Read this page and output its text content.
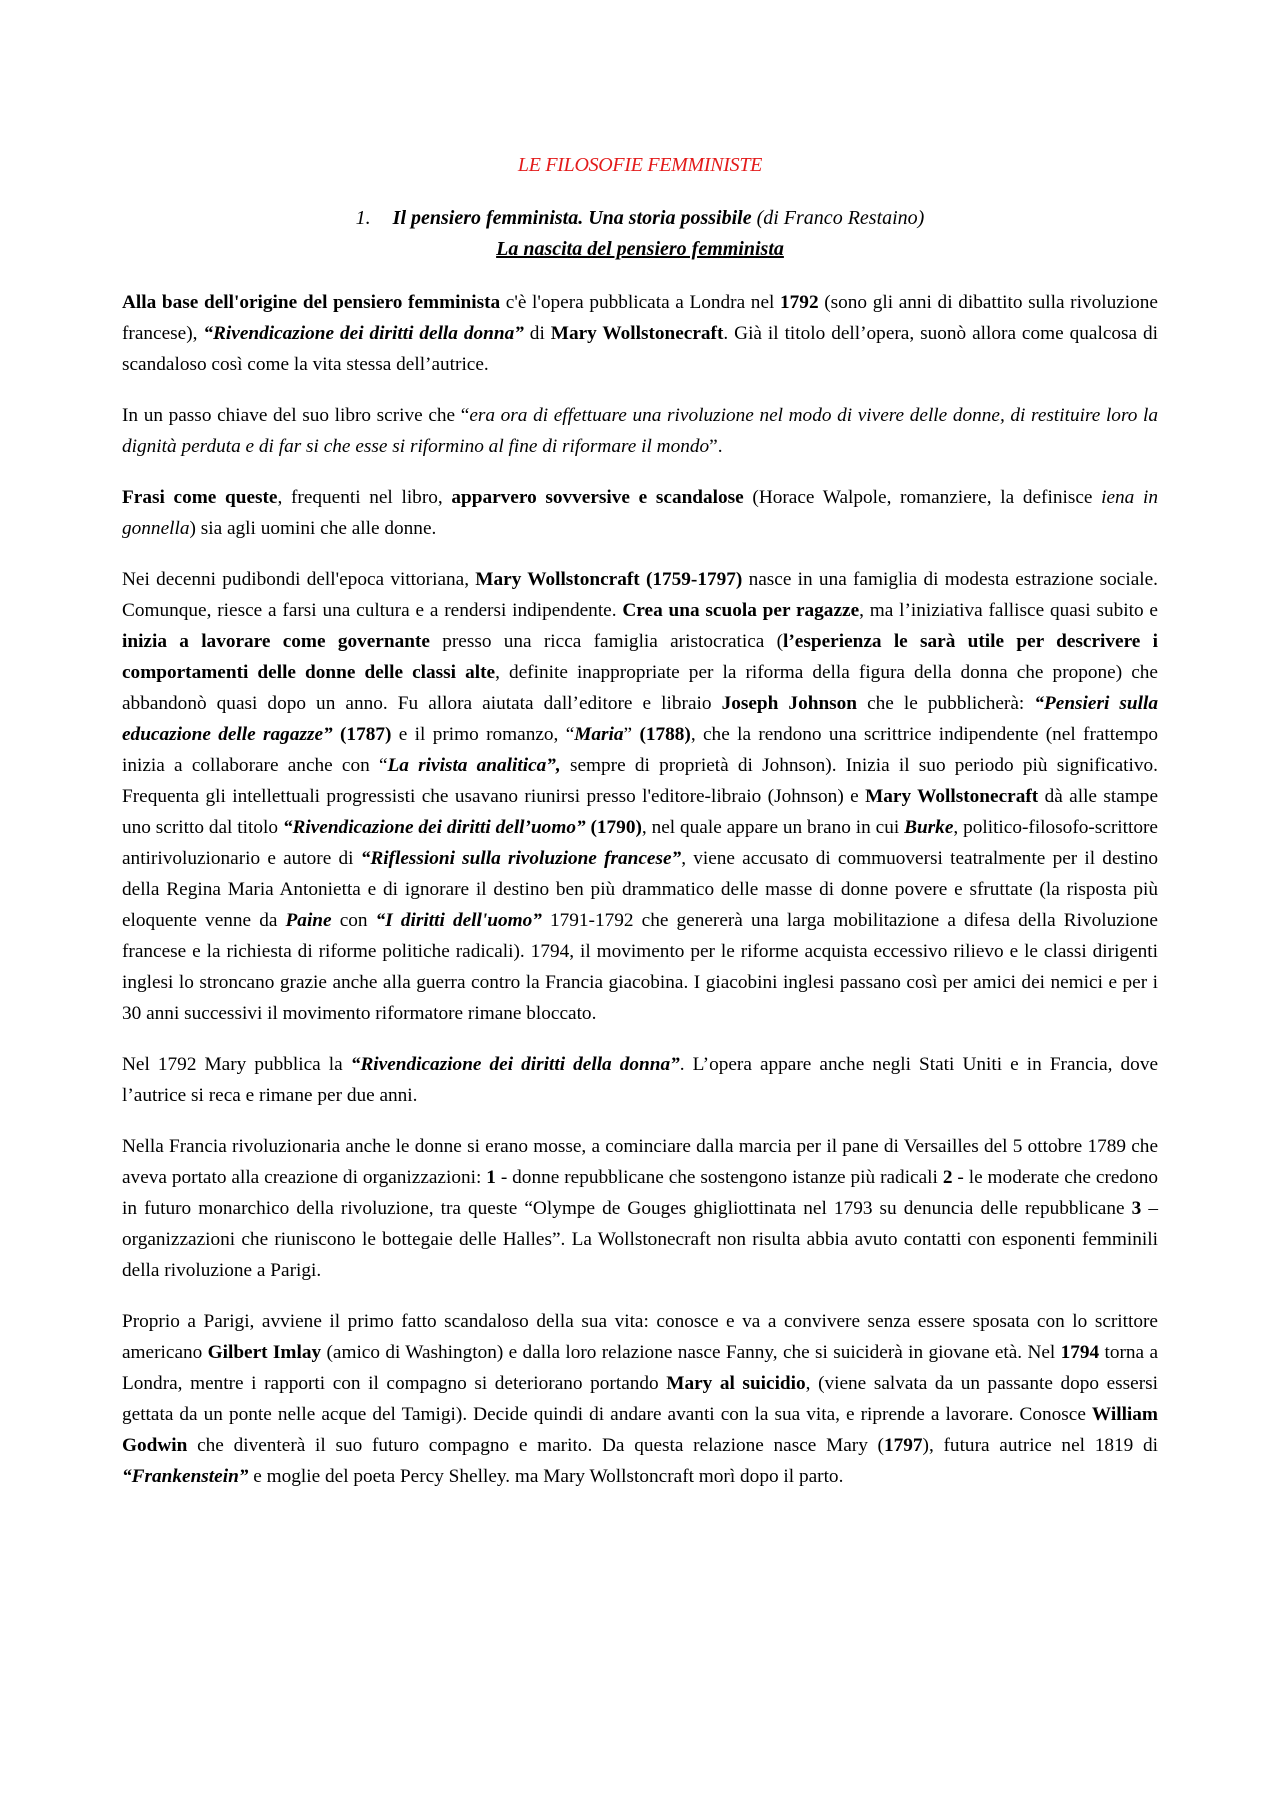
LE FILOSOFIE FEMMINISTE
1. Il pensiero femminista. Una storia possibile (di Franco Restaino)
La nascita del pensiero femminista

Alla base dell'origine del pensiero femminista c'è l'opera pubblicata a Londra nel 1792 (sono gli anni di dibattito sulla rivoluzione francese), “Rivendicazione dei diritti della donna” di Mary Wollstonecraft. Già il titolo dell’opera, suonò allora come qualcosa di scandaloso così come la vita stessa dell’autrice.

In un passo chiave del suo libro scrive che “era ora di effettuare una rivoluzione nel modo di vivere delle donne, di restituire loro la dignità perduta e di far si che esse si riformino al fine di riformare il mondo”.

Frasi come queste, frequenti nel libro, apparvero sovversive e scandalose (Horace Walpole, romanziere, la definisce iena in gonnella) sia agli uomini che alle donne.

Nei decenni pudibondi dell'epoca vittoriana, Mary Wollstoncraft (1759-1797) nasce in una famiglia di modesta estrazione sociale. Comunque, riesce a farsi una cultura e a rendersi indipendente. Crea una scuola per ragazze, ma l’iniziativa fallisce quasi subito e inizia a lavorare come governante presso una ricca famiglia aristocratica (l’esperienza le sarà utile per descrivere i comportamenti delle donne delle classi alte, definite inappropriate per la riforma della figura della donna che propone) che abbandonò quasi dopo un anno. Fu allora aiutata dall’editore e libraio Joseph Johnson che le pubblicherà: “Pensieri sulla educazione delle ragazze” (1787) e il primo romanzo, “Maria” (1788), che la rendono una scrittrice indipendente (nel frattempo inizia a collaborare anche con “La rivista analitica”, sempre di proprietà di Johnson). Inizia il suo periodo più significativo. Frequenta gli intellettuali progressisti che usavano riunirsi presso l'editore-libraio (Johnson) e Mary Wollstonecraft dà alle stampe uno scritto dal titolo “Rivendicazione dei diritti dell’uomo” (1790), nel quale appare un brano in cui Burke, politico-filosofo-scrittore antirivoluzionario e autore di “Riflessioni sulla rivoluzione francese”, viene accusato di commuoversi teatralmente per il destino della Regina Maria Antonietta e di ignorare il destino ben più drammatico delle masse di donne povere e sfruttate (la risposta più eloquente venne da Paine con “I diritti dell'uomo” 1791-1792 che genererà una larga mobilitazione a difesa della Rivoluzione francese e la richiesta di riforme politiche radicali). 1794, il movimento per le riforme acquista eccessivo rilievo e le classi dirigenti inglesi lo stroncano grazie anche alla guerra contro la Francia giacobina. I giacobini inglesi passano così per amici dei nemici e per i 30 anni successivi il movimento riformatore rimane bloccato.

Nel 1792 Mary pubblica la “Rivendicazione dei diritti della donna”. L’opera appare anche negli Stati Uniti e in Francia, dove l’autrice si reca e rimane per due anni.

Nella Francia rivoluzionaria anche le donne si erano mosse, a cominciare dalla marcia per il pane di Versailles del 5 ottobre 1789 che aveva portato alla creazione di organizzazioni: 1 - donne repubblicane che sostengono istanze più radicali 2 - le moderate che credono in futuro monarchico della rivoluzione, tra queste “Olympe de Gouges ghigliottinata nel 1793 su denuncia delle repubblicane 3 – organizzazioni che riuniscono le bottegaie delle Halles”. La Wollstonecraft non risulta abbia avuto contatti con esponenti femminili della rivoluzione a Parigi.

Proprio a Parigi, avviene il primo fatto scandaloso della sua vita: conosce e va a convivere senza essere sposata con lo scrittore americano Gilbert Imlay (amico di Washington) e dalla loro relazione nasce Fanny, che si suiciderà in giovane età. Nel 1794 torna a Londra, mentre i rapporti con il compagno si deteriorano portando Mary al suicidio, (viene salvata da un passante dopo essersi gettata da un ponte nelle acque del Tamigi). Decide quindi di andare avanti con la sua vita, e riprende a lavorare. Conosce William Godwin che diventerà il suo futuro compagno e marito. Da questa relazione nasce Mary (1797), futura autrice nel 1819 di “Frankenstein” e moglie del poeta Percy Shelley. ma Mary Wollstoncraft morì dopo il parto.
